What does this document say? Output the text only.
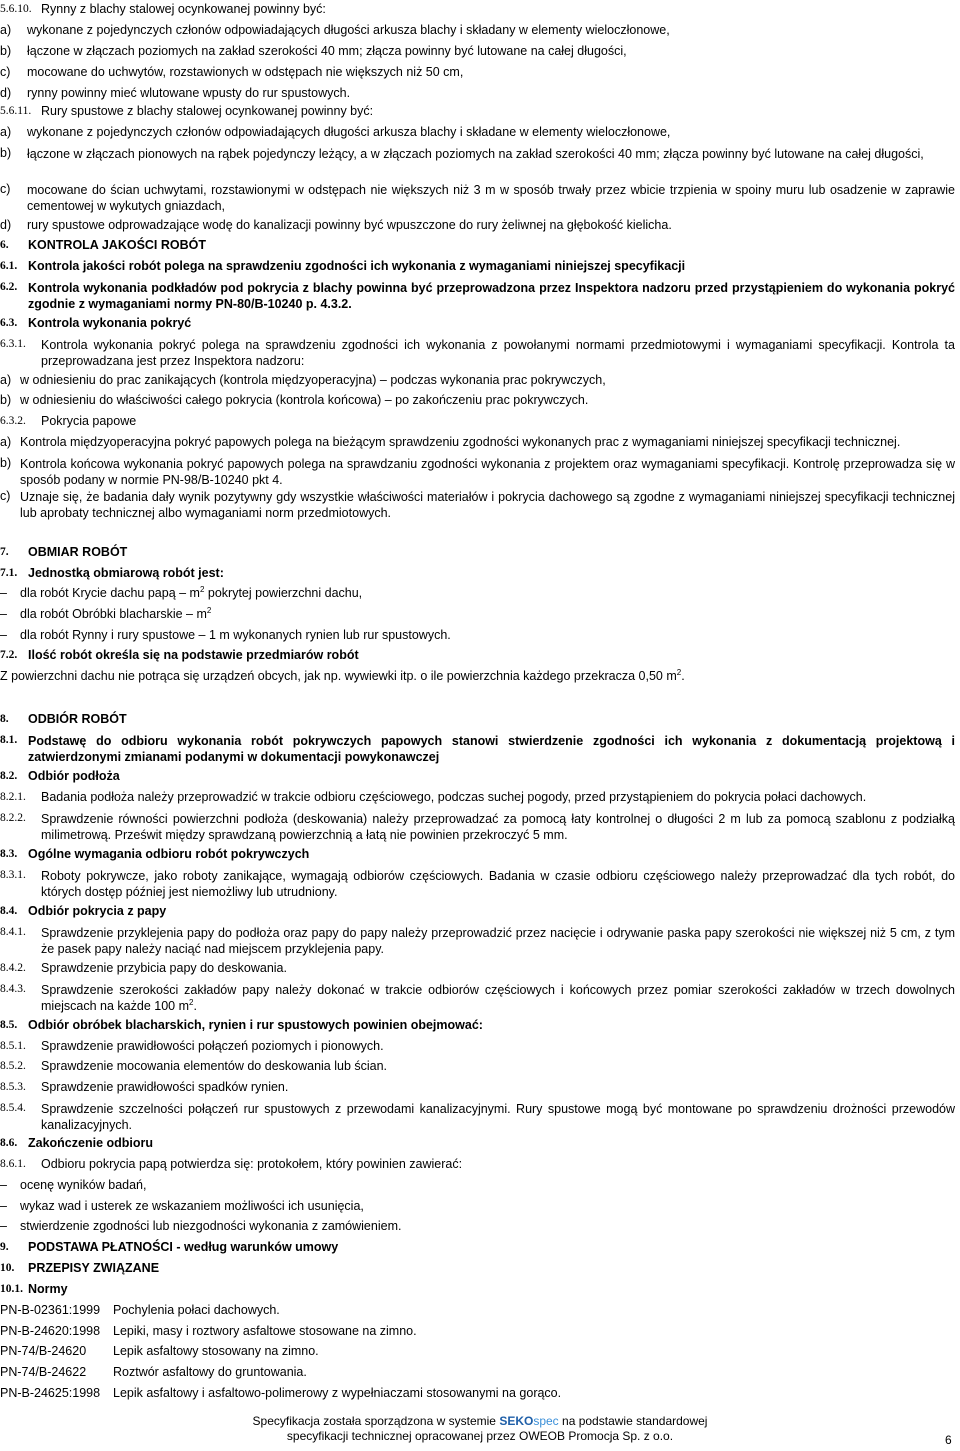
5.6.10. Rynny z blachy stalowej ocynkowanej powinny być:
a) wykonane z pojedynczych członów odpowiadających długości arkusza blachy i składany w elementy wieloczłonowe,
b) łączone w złączach poziomych na zakład szerokości 40 mm; złącza powinny być lutowane na całej długości,
c) mocowane do uchwytów, rozstawionych w odstępach nie większych niż 50 cm,
d) rynny powinny mieć wlutowane wpusty do rur spustowych.
5.6.11. Rury spustowe z blachy stalowej ocynkowanej powinny być:
a) wykonane z pojedynczych członów odpowiadających długości arkusza blachy i składane w elementy wieloczłonowe,
b) łączone w złączach pionowych na rąbek pojedynczy leżący, a w złączach poziomych na zakład szerokości 40 mm; złącza powinny być lutowane na całej długości,
c) mocowane do ścian uchwytami, rozstawionymi w odstępach nie większych niż 3 m w sposób trwały przez wbicie trzpienia w spoiny muru lub osadzenie w zaprawie cementowej w wykutych gniazdach,
d) rury spustowe odprowadzające wodę do kanalizacji powinny być wpuszczone do rury żeliwnej na głębokość kielicha.
6. KONTROLA JAKOŚCI ROBÓT
6.1. Kontrola jakości robót polega na sprawdzeniu zgodności ich wykonania z wymaganiami niniejszej specyfikacji
6.2. Kontrola wykonania podkładów pod pokrycia z blachy powinna być przeprowadzona przez Inspektora nadzoru przed przystąpieniem do wykonania pokryć zgodnie z wymaganiami normy PN-80/B-10240 p. 4.3.2.
6.3. Kontrola wykonania pokryć
6.3.1. Kontrola wykonania pokryć polega na sprawdzeniu zgodności ich wykonania z powołanymi normami przedmiotowymi i wymaganiami specyfikacji. Kontrola ta przeprowadzana jest przez Inspektora nadzoru:
a) w odniesieniu do prac zanikających (kontrola międzyoperacyjna) – podczas wykonania prac pokrywczych,
b) w odniesieniu do właściwości całego pokrycia (kontrola końcowa) – po zakończeniu prac pokrywczych.
6.3.2. Pokrycia papowe
a) Kontrola międzyoperacyjna pokryć papowych polega na bieżącym sprawdzeniu zgodności wykonanych prac z wymaganiami niniejszej specyfikacji technicznej.
b) Kontrola końcowa wykonania pokryć papowych polega na sprawdzaniu zgodności wykonania z projektem oraz wymaganiami specyfikacji. Kontrolę przeprowadza się w sposób podany w normie PN-98/B-10240 pkt 4.
c) Uznaje się, że badania dały wynik pozytywny gdy wszystkie właściwości materiałów i pokrycia dachowego są zgodne z wymaganiami niniejszej specyfikacji technicznej lub aprobaty technicznej albo wymaganiami norm przedmiotowych.
7. OBMIAR ROBÓT
7.1. Jednostką obmiarową robót jest:
– dla robót Krycie dachu papą – $m^2$ pokrytej powierzchni dachu,
– dla robót Obróbki blacharskie – $m^2$
– dla robót Rynny i rury spustowe – 1 m wykonanych rynien lub rur spustowych.
7.2. Ilość robót określa się na podstawie przedmiarów robót
Z powierzchni dachu nie potrąca się urządzeń obcych, jak np. wywiewki itp. o ile powierzchnia każdego przekracza 0,50 $m^2$.
8. ODBIÓR ROBÓT
8.1. Podstawę do odbioru wykonania robót pokrywczych papowych stanowi stwierdzenie zgodności ich wykonania z dokumentacją projektową i zatwierdzonymi zmianami podanymi w dokumentacji powykonawczej
8.2. Odbiór podłoża
8.2.1. Badania podłoża należy przeprowadzić w trakcie odbioru częściowego, podczas suchej pogody, przed przystąpieniem do pokrycia połaci dachowych.
8.2.2. Sprawdzenie równości powierzchni podłoża (deskowania) należy przeprowadzać za pomocą łaty kontrolnej o długości 2 m lub za pomocą szablonu z podziałką milimetrową. Prześwit między sprawdzaną powierzchnią a łatą nie powinien przekroczyć 5 mm.
8.3. Ogólne wymagania odbioru robót pokrywczych
8.3.1. Roboty pokrywcze, jako roboty zanikające, wymagają odbiorów częściowych. Badania w czasie odbioru częściowego należy przeprowadzać dla tych robót, do których dostęp później jest niemożliwy lub utrudniony.
8.4. Odbiór pokrycia z papy
8.4.1. Sprawdzenie przyklejenia papy do podłoża oraz papy do papy należy przeprowadzić przez nacięcie i odrywanie paska papy szerokości nie większej niż 5 cm, z tym że pasek papy należy naciąć nad miejscem przyklejenia papy.
8.4.2. Sprawdzenie przybicia papy do deskowania.
8.4.3. Sprawdzenie szerokości zakładów papy należy dokonać w trakcie odbiorów częściowych i końcowych przez pomiar szerokości zakładów w trzech dowolnych miejscach na każde 100 $m^2$.
8.5. Odbiór obróbek blacharskich, rynien i rur spustowych powinien obejmować:
8.5.1. Sprawdzenie prawidłowości połączeń poziomych i pionowych.
8.5.2. Sprawdzenie mocowania elementów do deskowania lub ścian.
8.5.3. Sprawdzenie prawidłowości spadków rynien.
8.5.4. Sprawdzenie szczelności połączeń rur spustowych z przewodami kanalizacyjnymi. Rury spustowe mogą być montowane po sprawdzeniu drożności przewodów kanalizacyjnych.
8.6. Zakończenie odbioru
8.6.1. Odbioru pokrycia papą potwierdza się: protokołem, który powinien zawierać:
– ocenę wyników badań,
– wykaz wad i usterek ze wskazaniem możliwości ich usunięcia,
– stwierdzenie zgodności lub niezgodności wykonania z zamówieniem.
9. PODSTAWA PŁATNOŚCI - według warunków umowy
10. PRZEPISY ZWIĄZANE
10.1. Normy
PN-B-02361:1999 Pochylenia połaci dachowych.
PN-B-24620:1998 Lepiki, masy i roztwory asfaltowe stosowane na zimno.
PN-74/B-24620 Lepik asfaltowy stosowany na zimno.
PN-74/B-24622 Roztwór asfaltowy do gruntowania.
PN-B-24625:1998 Lepik asfaltowy i asfaltowo-polimerowy z wypełniaczami stosowanymi na gorąco.
Specyfikacja została sporządzona w systemie SEKOspec na podstawie standardowej
specyfikacji technicznej opracowanej przez OWEOB Promocja Sp. z o.o.	6
